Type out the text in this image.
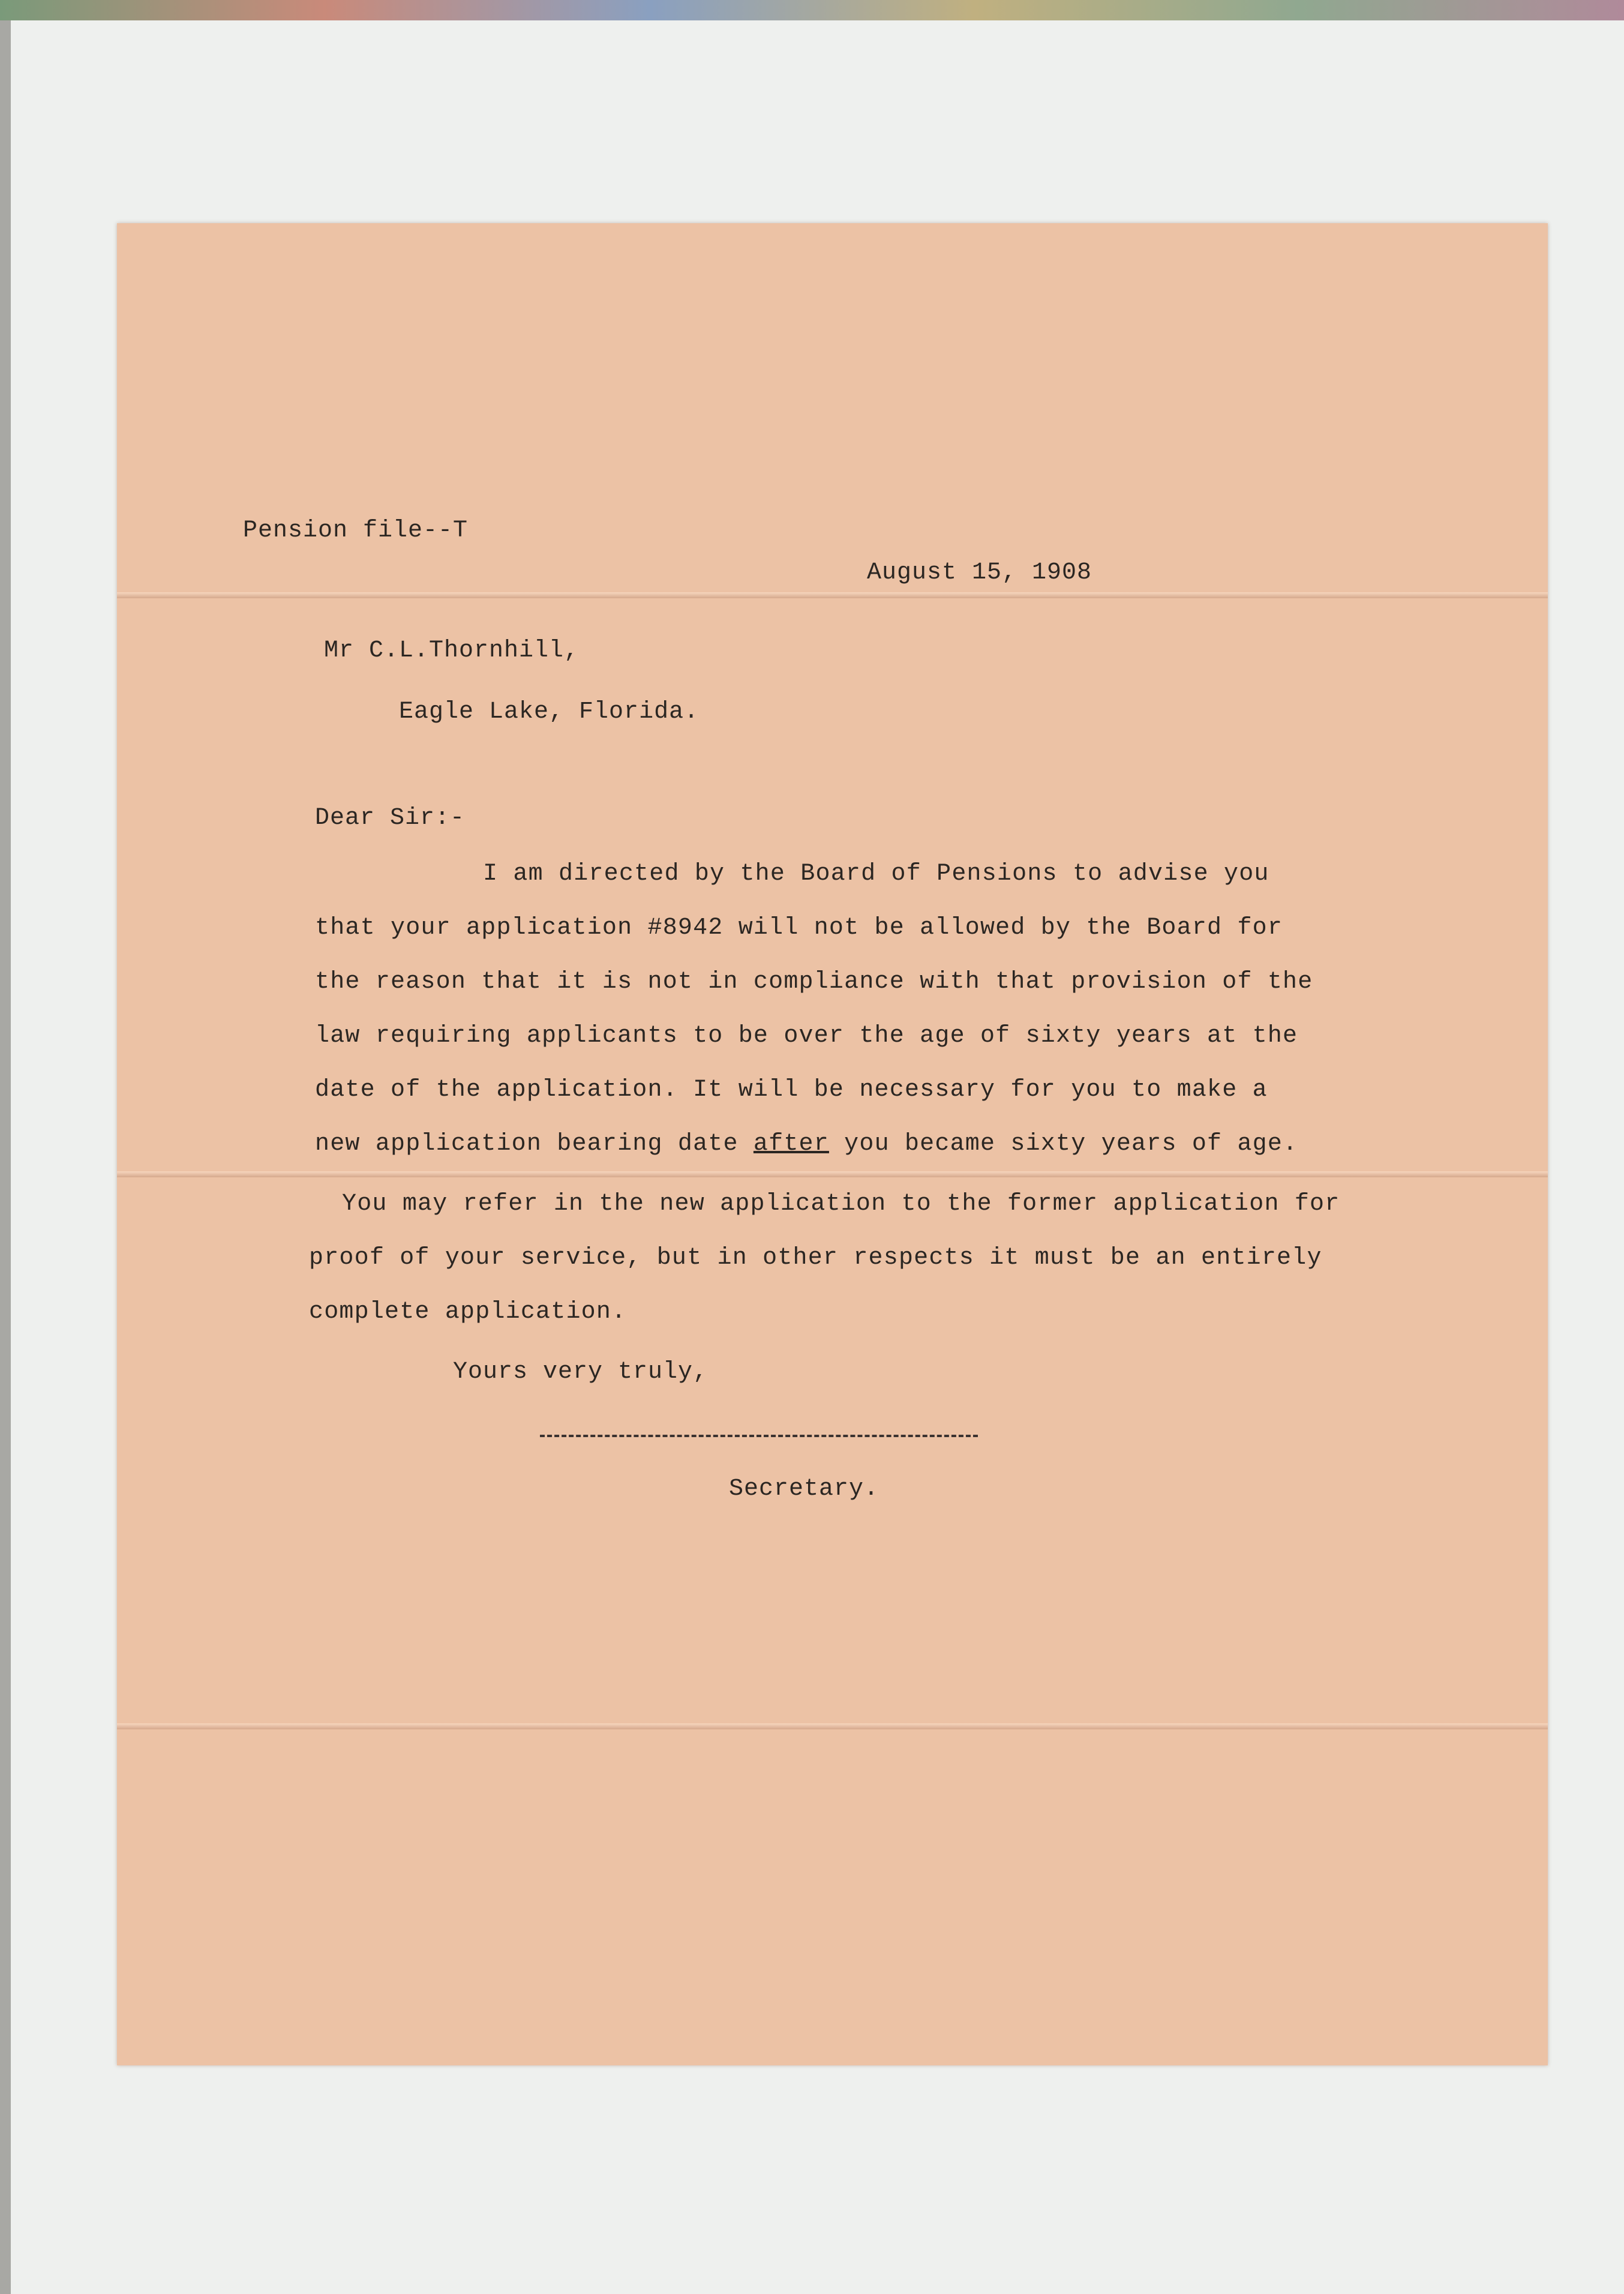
Pension file--T
August 15, 1908
Mr C.L.Thornhill,
Eagle Lake, Florida.
Dear Sir:-
I am directed by the Board of Pensions to advise you
that your application #8942 will not be allowed by the Board for
the reason that it is not in compliance with that provision of the
law requiring applicants to be over the age of sixty years at the
date of the application. It will be necessary for you to make a
new application bearing date after you became sixty years of age.
You may refer in the new application to the former application for
proof of your service, but in other respects it must be an entirely
complete application.
Yours very truly,
Secretary.
